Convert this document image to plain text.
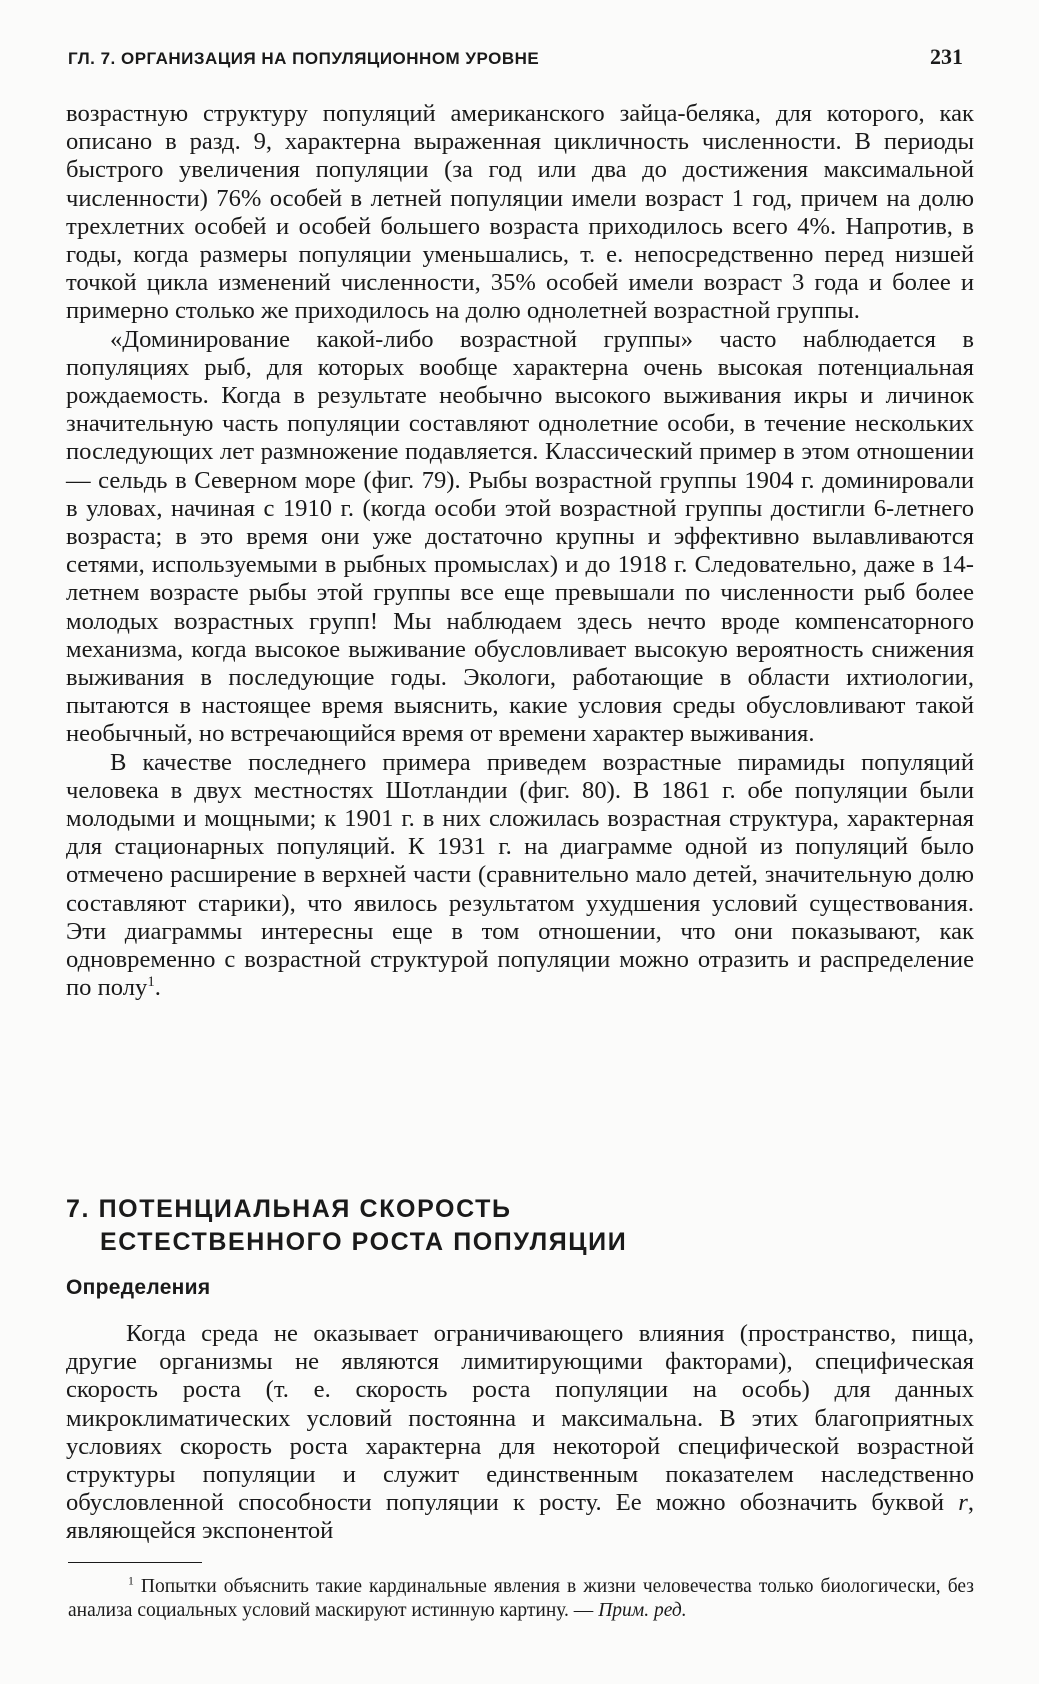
ГЛ. 7. ОРГАНИЗАЦИЯ НА ПОПУЛЯЦИОННОМ УРОВНЕ	231

возрастную структуру популяций американского зайца-беляка, для которого, как описано в разд. 9, характерна выраженная цикличность численности. В периоды быстрого увеличения популяции (за год или два до достижения максимальной численности) 76% особей в летней популяции имели возраст 1 год, причем на долю трехлетних особей и особей большего возраста приходилось всего 4%. Напротив, в годы, когда размеры популяции уменьшались, т. е. непосредственно перед низшей точкой цикла изменений численности, 35% особей имели возраст 3 года и более и примерно столько же приходилось на долю однолетней возрастной группы.

«Доминирование какой-либо возрастной группы» часто наблюдается в популяциях рыб, для которых вообще характерна очень высокая потенциальная рождаемость. Когда в результате необычно высокого выживания икры и личинок значительную часть популяции составляют однолетние особи, в течение нескольких последующих лет размножение подавляется. Классический пример в этом отношении — сельдь в Северном море (фиг. 79). Рыбы возрастной группы 1904 г. доминировали в уловах, начиная с 1910 г. (когда особи этой возрастной группы достигли 6-летнего возраста; в это время они уже достаточно крупны и эффективно вылавливаются сетями, используемыми в рыбных промыслах) и до 1918 г. Следовательно, даже в 14-летнем возрасте рыбы этой группы все еще превышали по численности рыб более молодых возрастных групп! Мы наблюдаем здесь нечто вроде компенсаторного механизма, когда высокое выживание обусловливает высокую вероятность снижения выживания в последующие годы. Экологи, работающие в области ихтиологии, пытаются в настоящее время выяснить, какие условия среды обусловливают такой необычный, но встречающийся время от времени характер выживания.

В качестве последнего примера приведем возрастные пирамиды популяций человека в двух местностях Шотландии (фиг. 80). В 1861 г. обе популяции были молодыми и мощными; к 1901 г. в них сложилась возрастная структура, характерная для стационарных популяций. К 1931 г. на диаграмме одной из популяций было отмечено расширение в верхней части (сравнительно мало детей, значительную долю составляют старики), что явилось результатом ухудшения условий существования. Эти диаграммы интересны еще в том отношении, что они показывают, как одновременно с возрастной структурой популяции можно отразить и распределение по полу$^1$.

7. ПОТЕНЦИАЛЬНАЯ СКОРОСТЬ
ЕСТЕСТВЕННОГО РОСТА ПОПУЛЯЦИИ
Определения

Когда среда не оказывает ограничивающего влияния (пространство, пища, другие организмы не являются лимитирующими факторами), специфическая скорость роста (т. е. скорость роста популяции на особь) для данных микроклиматических условий постоянна и максимальна. В этих благоприятных условиях скорость роста характерна для некоторой специфической возрастной структуры популяции и служит единственным показателем наследственно обусловленной способности популяции к росту. Ее можно обозначить буквой r, являющейся экспонентой

$^1$ Попытки объяснить такие кардинальные явления в жизни человечества только биологически, без анализа социальных условий маскируют истинную картину. — Прим. ред.
